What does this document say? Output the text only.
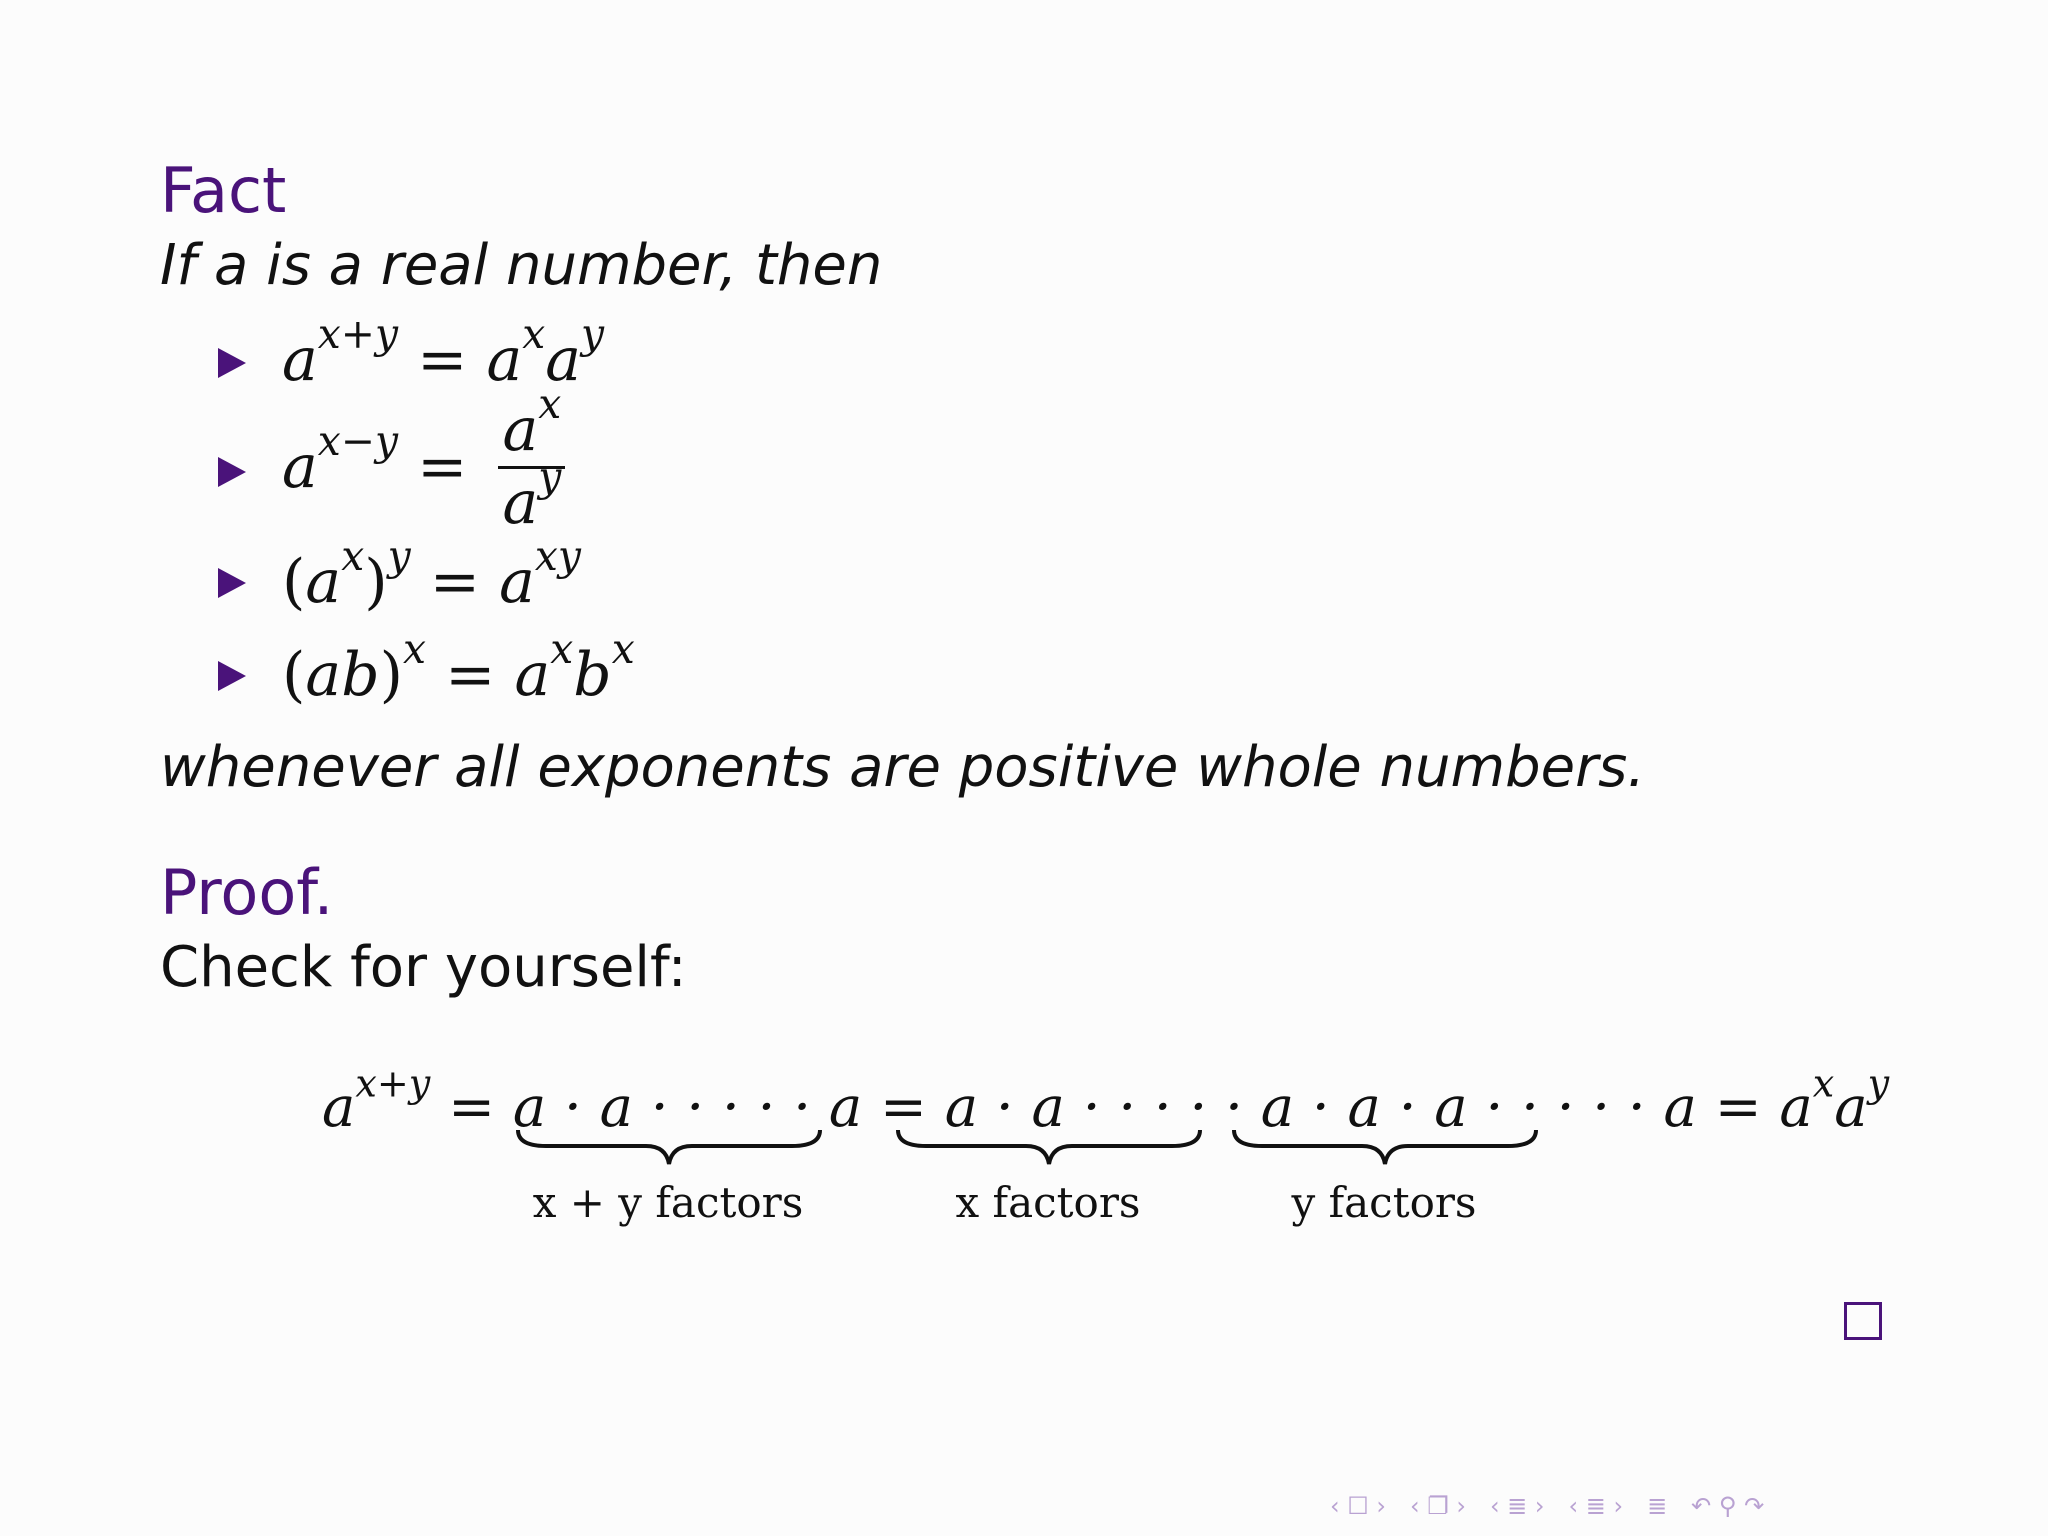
Fact
If a is a real number, then
$a^{x+y} = a^xa^y$
$a^{x-y} = \frac{a^x}{a^y}$
$(a^x)^y = a^{xy}$
$(ab)^x = a^xb^x$
whenever all exponents are positive whole numbers.
Proof.
Check for yourself:
$a^{x+y} = a \cdot a$ · · · · · a = a · a · · · · · a · a · a · · · · · $a = a^xa^y$
x + y factors	x factors	y factors
‹ ☐ › ‹ ❐ › ‹ ≣ › ‹ ≣ › ≣ ↶ ⚲ ↷
